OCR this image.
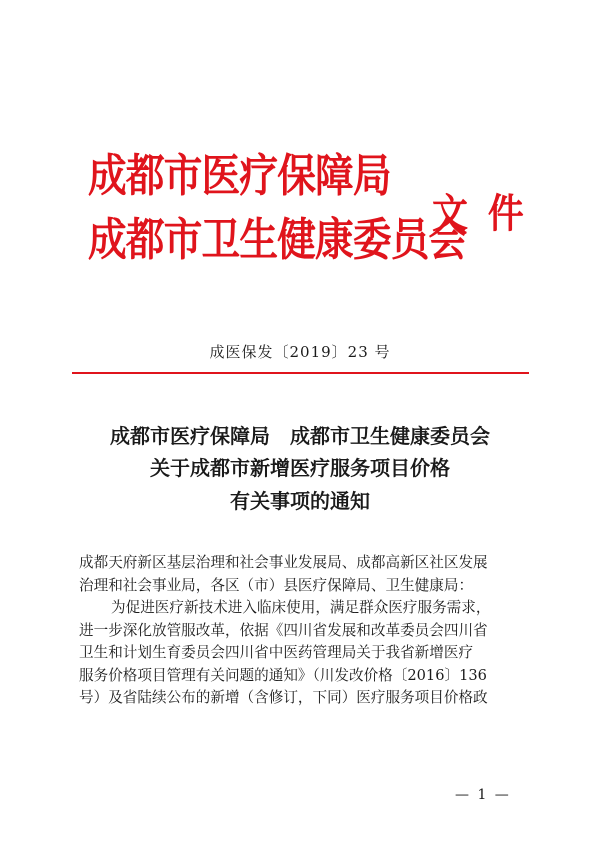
成都市医疗保障局
成都市卫生健康委员会
文件
成医保发〔2019〕23 号
成都市医疗保障局　成都市卫生健康委员会
关于成都市新增医疗服务项目价格
有关事项的通知
成都天府新区基层治理和社会事业发展局、成都高新区社区发展
治理和社会事业局，各区（市）县医疗保障局、卫生健康局：
为促进医疗新技术进入临床使用，满足群众医疗服务需求，
进一步深化放管服改革，依据《四川省发展和改革委员会四川省
卫生和计划生育委员会四川省中医药管理局关于我省新增医疗
服务价格项目管理有关问题的通知》（川发改价格〔2016〕136
号）及省陆续公布的新增（含修订，下同）医疗服务项目价格政
— 1 —
